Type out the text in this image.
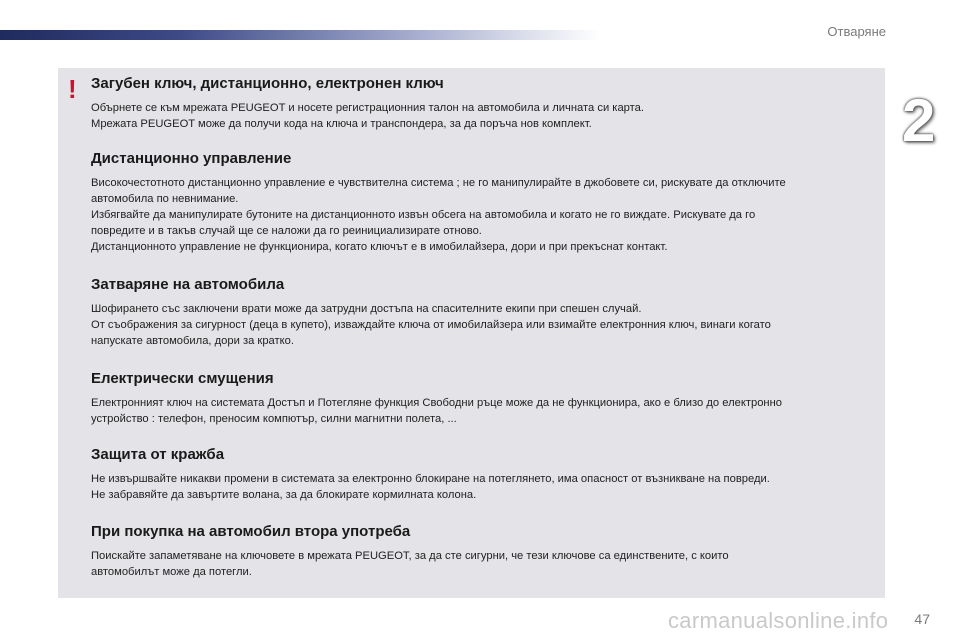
Отваряне
2
! Загубен ключ, дистанционно, електронен ключ

Обърнете се към мрежата PEUGEOT и носете регистрационния талон на автомобила и личната си карта.
Мрежата PEUGEOT може да получи кода на ключа и транспондера, за да поръча нов комплект.

Дистанционно управление

Високочестотното дистанционно управление е чувствителна система ; не го манипулирайте в джобовете си, рискувате да отключите
автомобила по невнимание.
Избягвайте да манипулирате бутоните на дистанционното извън обсега на автомобила и когато не го виждате. Рискувате да го
повредите и в такъв случай ще се наложи да го реинициализирате отново.
Дистанционното управление не функционира, когато ключът е в имобилайзера, дори и при прекъснат контакт.

Затваряне на автомобила

Шофирането със заключени врати може да затрудни достъпа на спасителните екипи при спешен случай.
От съображения за сигурност (деца в купето), изваждайте ключа от имобилайзера или взимайте електронния ключ, винаги когато
напускате автомобила, дори за кратко.

Електрически смущения

Електронният ключ на системата Достъп и Потегляне функция Свободни ръце може да не функционира, ако е близо до електронно
устройство : телефон, преносим компютър, силни магнитни полета, ...

Защита от кражба

Не извършвайте никакви промени в системата за електронно блокиране на потеглянето, има опасност от възникване на повреди.
Не забравяйте да завъртите волана, за да блокирате кормилната колона.

При покупка на автомобил втора употреба

Поискайте запаметяване на ключовете в мрежата PEUGEOT, за да сте сигурни, че тези ключове са единствените, с които
автомобилът може да потегли.

carmanualsonline.info 47
